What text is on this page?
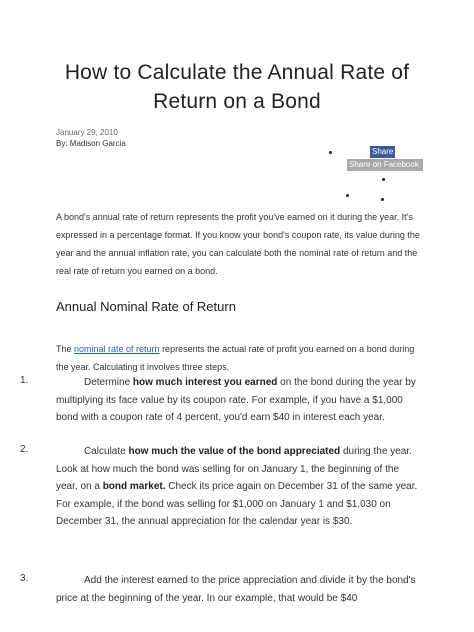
How to Calculate the Annual Rate of Return on a Bond
January 29, 2010
By: Madison Garcia
Share
Share on Facebook
A bond's annual rate of return represents the profit you've earned on it during the year. It's expressed in a percentage format. If you know your bond's coupon rate, its value during the year and the annual inflation rate, you can calculate both the nominal rate of return and the real rate of return you earned on a bond.
Annual Nominal Rate of Return
The nominal rate of return represents the actual rate of profit you earned on a bond during the year. Calculating it involves three steps.
1.	Determine how much interest you earned on the bond during the year by multiplying its face value by its coupon rate. For example, if you have a $1,000 bond with a coupon rate of 4 percent, you'd earn $40 in interest each year.
2.	Calculate how much the value of the bond appreciated during the year. Look at how much the bond was selling for on January 1, the beginning of the year, on a bond market. Check its price again on December 31 of the same year. For example, if the bond was selling for $1,000 on January 1 and $1,030 on December 31, the annual appreciation for the calendar year is $30.
3.	Add the interest earned to the price appreciation and divide it by the bond's price at the beginning of the year. In our example, that would be $40
